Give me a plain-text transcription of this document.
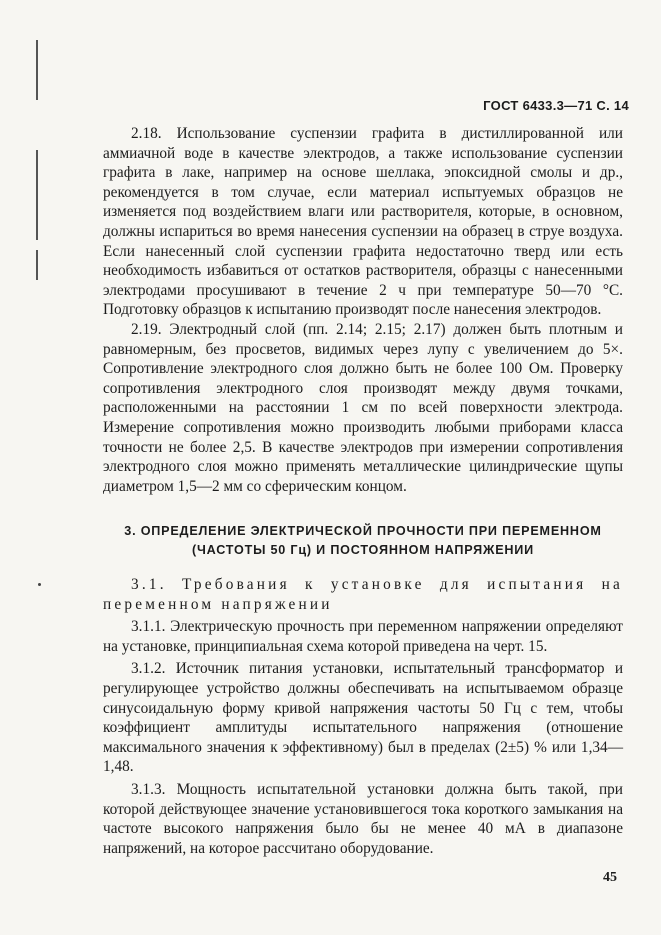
ГОСТ 6433.3—71 С. 14

2.18. Использование суспензии графита в дистиллированной или аммиачной воде в качестве электродов, а также использование суспензии графита в лаке, например на основе шеллака, эпоксидной смолы и др., рекомендуется в том случае, если материал испытуемых образцов не изменяется под воздействием влаги или растворителя, которые, в основном, должны испариться во время нанесения суспензии на образец в струе воздуха. Если нанесенный слой суспензии графита недостаточно тверд или есть необходимость избавиться от остатков растворителя, образцы с нанесенными электродами просушивают в течение 2 ч при температуре 50—70 °С. Подготовку образцов к испытанию производят после нанесения электродов.

2.19. Электродный слой (пп. 2.14; 2.15; 2.17) должен быть плотным и равномерным, без просветов, видимых через лупу с увеличением до 5×. Сопротивление электродного слоя должно быть не более 100 Ом. Проверку сопротивления электродного слоя производят между двумя точками, расположенными на расстоянии 1 см по всей поверхности электрода. Измерение сопротивления можно производить любыми приборами класса точности не более 2,5. В качестве электродов при измерении сопротивления электродного слоя можно применять металлические цилиндрические щупы диаметром 1,5—2 мм со сферическим концом.

3. ОПРЕДЕЛЕНИЕ ЭЛЕКТРИЧЕСКОЙ ПРОЧНОСТИ ПРИ ПЕРЕМЕННОМ (ЧАСТОТЫ 50 Гц) И ПОСТОЯННОМ НАПРЯЖЕНИИ

3.1. Требования к установке для испытания на переменном напряжении

3.1.1. Электрическую прочность при переменном напряжении определяют на установке, принципиальная схема которой приведена на черт. 15.

3.1.2. Источник питания установки, испытательный трансформатор и регулирующее устройство должны обеспечивать на испытываемом образце синусоидальную форму кривой напряжения частоты 50 Гц с тем, чтобы коэффициент амплитуды испытательного напряжения (отношение максимального значения к эффективному) был в пределах (2±5) % или 1,34—1,48.

3.1.3. Мощность испытательной установки должна быть такой, при которой действующее значение установившегося тока короткого замыкания на частоте высокого напряжения было бы не менее 40 мА в диапазоне напряжений, на которое рассчитано оборудование.

45
